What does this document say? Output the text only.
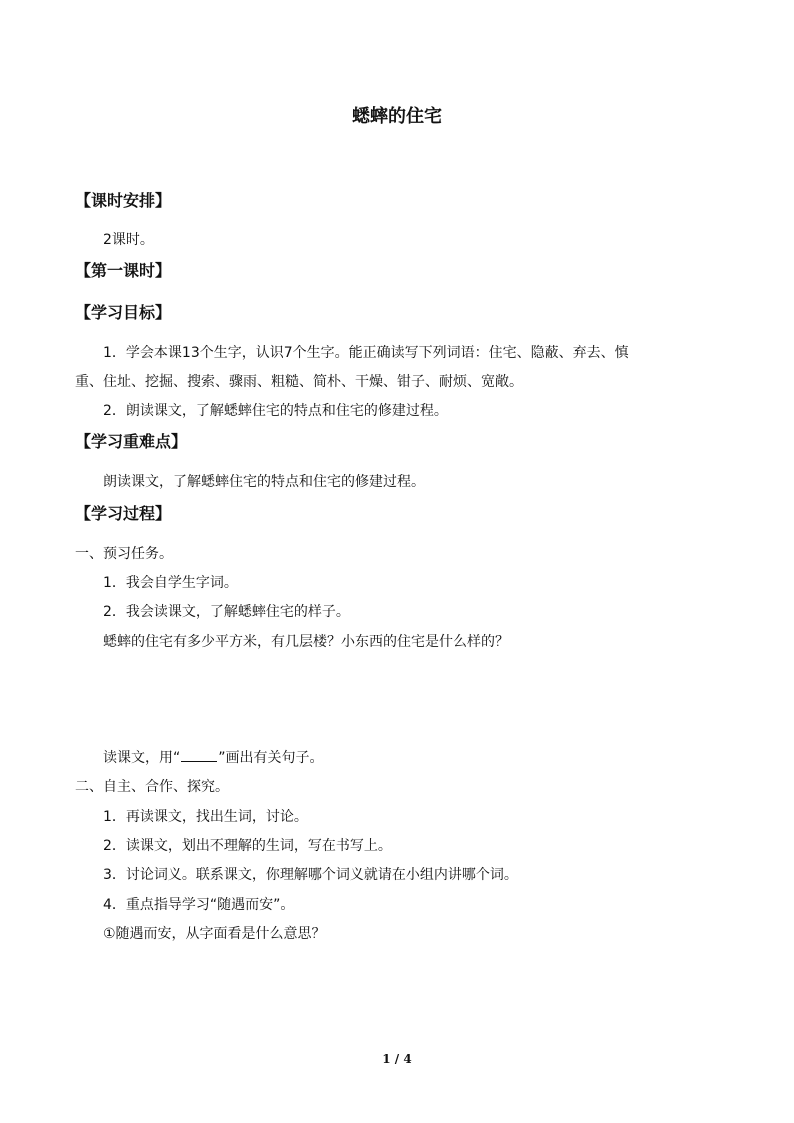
蟋蟀的住宅
【课时安排】
2课时。
【第一课时】
【学习目标】
1．学会本课13个生字，认识7个生字。能正确读写下列词语：住宅、隐蔽、弃去、慎
重、住址、挖掘、搜索、骤雨、粗糙、简朴、干燥、钳子、耐烦、宽敞。
2．朗读课文，了解蟋蟀住宅的特点和住宅的修建过程。
【学习重难点】
朗读课文，了解蟋蟀住宅的特点和住宅的修建过程。
【学习过程】
一、预习任务。
1．我会自学生字词。
2．我会读课文，了解蟋蟀住宅的样子。
蟋蟀的住宅有多少平方米，有几层楼？小东西的住宅是什么样的？
读课文，用“	”画出有关句子。
二、自主、合作、探究。
1．再读课文，找出生词，讨论。
2．读课文，划出不理解的生词，写在书写上。
3．讨论词义。联系课文，你理解哪个词义就请在小组内讲哪个词。
4．重点指导学习“随遇而安”。
①随遇而安，从字面看是什么意思？
1 / 4
